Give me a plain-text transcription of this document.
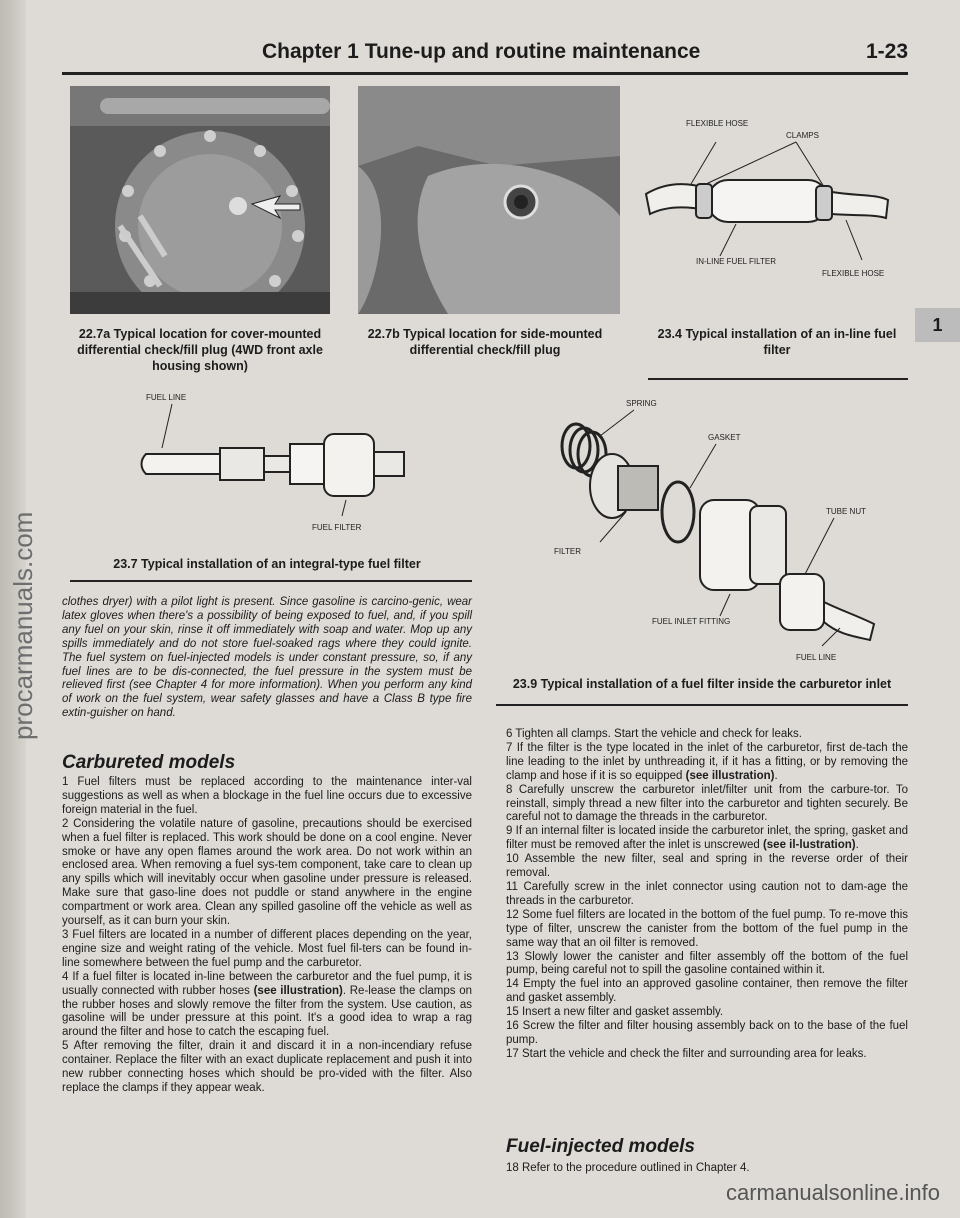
procarmanuals.com
Chapter 1 Tune-up and routine maintenance	1-23
22.7a Typical location for cover-mounted differential check/fill plug (4WD front axle housing shown)
22.7b Typical location for side-mounted differential check/fill plug
FLEXIBLE HOSE
CLAMPS
IN-LINE FUEL FILTER
FLEXIBLE HOSE
23.4 Typical installation of an in-line fuel filter
1
FUEL LINE
FUEL FILTER
23.7 Typical installation of an integral-type fuel filter
SPRING
GASKET
FILTER
TUBE NUT
FUEL INLET FITTING
FUEL LINE
23.9 Typical installation of a fuel filter inside the carburetor inlet
clothes dryer) with a pilot light is present. Since gasoline is carcino-genic, wear latex gloves when there's a possibility of being exposed to fuel, and, if you spill any fuel on your skin, rinse it off immediately with soap and water. Mop up any spills immediately and do not store fuel-soaked rags where they could ignite. The fuel system on fuel-injected models is under constant pressure, so, if any fuel lines are to be dis-connected, the fuel pressure in the system must be relieved first (see Chapter 4 for more information). When you perform any kind of work on the fuel system, wear safety glasses and have a Class B type fire extin-guisher on hand.
Carbureted models

1 Fuel filters must be replaced according to the maintenance inter-val suggestions as well as when a blockage in the fuel line occurs due to excessive foreign material in the fuel.

2 Considering the volatile nature of gasoline, precautions should be exercised when a fuel filter is replaced. This work should be done on a cool engine. Never smoke or have any open flames around the work area. Do not work within an enclosed area. When removing a fuel sys-tem component, take care to clean up any spills which will inevitably occur when gasoline under pressure is released. Make sure that gaso-line does not puddle or stand anywhere in the engine compartment or work area. Clean any spilled gasoline off the vehicle as well as yourself, as it can burn your skin.

3 Fuel filters are located in a number of different places depending on the year, engine size and weight rating of the vehicle. Most fuel fil-ters can be found in-line somewhere between the fuel pump and the carburetor.

4 If a fuel filter is located in-line between the carburetor and the fuel pump, it is usually connected with rubber hoses (see illustration). Re-lease the clamps on the rubber hoses and slowly remove the filter from the system. Use caution, as gasoline will be under pressure at this point. It's a good idea to wrap a rag around the filter and hose to catch the escaping fuel.

5 After removing the filter, drain it and discard it in a non-incendiary refuse container. Replace the filter with an exact duplicate replacement and push it into new rubber connecting hoses which should be pro-vided with the filter. Also replace the clamps if they appear weak.

6 Tighten all clamps. Start the vehicle and check for leaks.

7 If the filter is the type located in the inlet of the carburetor, first de-tach the line leading to the inlet by unthreading it, if it has a fitting, or by removing the clamp and hose if it is so equipped (see illustration).

8 Carefully unscrew the carburetor inlet/filter unit from the carbure-tor. To reinstall, simply thread a new filter into the carburetor and tighten securely. Be careful not to damage the threads in the carburetor.

9 If an internal filter is located inside the carburetor inlet, the spring, gasket and filter must be removed after the inlet is unscrewed (see il-lustration).

10 Assemble the new filter, seal and spring in the reverse order of their removal.

11 Carefully screw in the inlet connector using caution not to dam-age the threads in the carburetor.

12 Some fuel filters are located in the bottom of the fuel pump. To re-move this type of filter, unscrew the canister from the bottom of the fuel pump in the same way that an oil filter is removed.

13 Slowly lower the canister and filter assembly off the bottom of the fuel pump, being careful not to spill the gasoline contained within it.

14 Empty the fuel into an approved gasoline container, then remove the filter and gasket assembly.

15 Insert a new filter and gasket assembly.

16 Screw the filter and filter housing assembly back on to the base of the fuel pump.

17 Start the vehicle and check the filter and surrounding area for leaks.

Fuel-injected models
18 Refer to the procedure outlined in Chapter 4.
carmanualsonline.info
